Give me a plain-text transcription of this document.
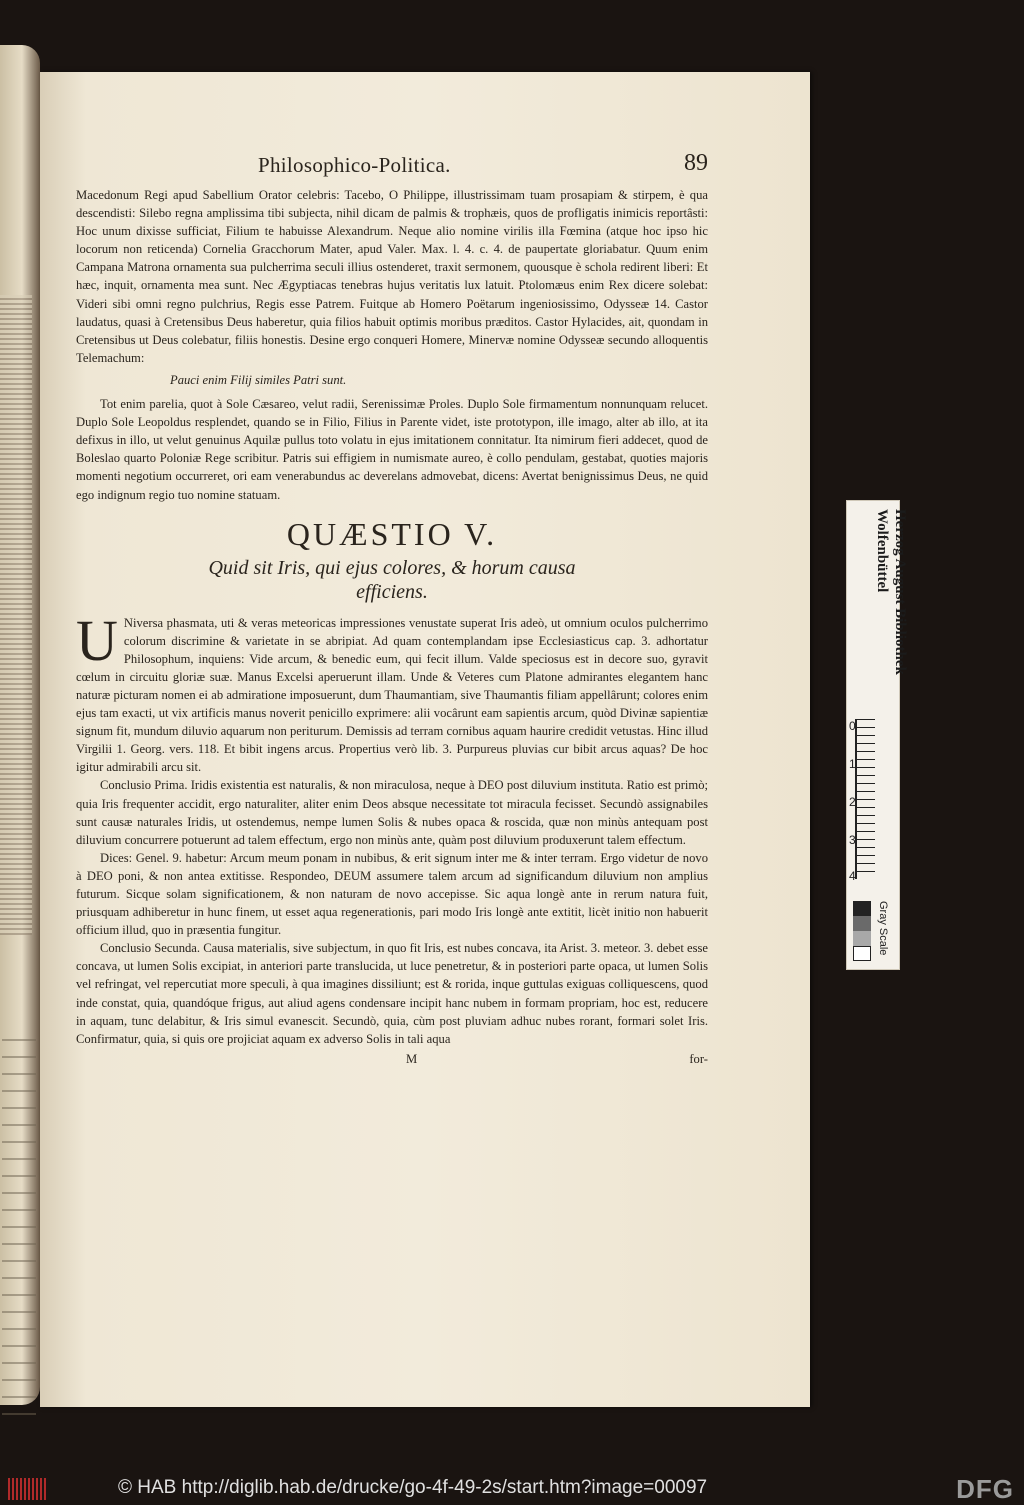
Philosophico-Politica.	89

Macedonum Regi apud Sabellium Orator celebris: Tacebo, O Philippe, illustrissimam tuam prosapiam & stirpem, è qua descendisti: Silebo regna amplissima tibi subjecta, nihil dicam de palmis & trophæis, quos de profligatis inimicis reportâsti: Hoc unum dixisse sufficiat, Filium te habuisse Alexandrum. Neque alio nomine virilis illa Fœmina (atque hoc ipso hic locorum non reticenda) Cornelia Gracchorum Mater, apud Valer. Max. l. 4. c. 4. de paupertate gloriabatur. Quum enim Campana Matrona ornamenta sua pulcherrima seculi illius ostenderet, traxit sermonem, quousque è schola redirent liberi: Et hæc, inquit, ornamenta mea sunt. Nec Ægyptiacas tenebras hujus veritatis lux latuit. Ptolomæus enim Rex dicere solebat: Videri sibi omni regno pulchrius, Regis esse Patrem. Fuitque ab Homero Poëtarum ingeniosissimo, Odysseæ 14. Castor laudatus, quasi à Cretensibus Deus haberetur, quia filios habuit optimis moribus præditos. Castor Hylacides, ait, quondam in Cretensibus ut Deus colebatur, filiis honestis. Desine ergo conqueri Homere, Minervæ nomine Odysseæ secundo alloquentis Telemachum:

Pauci enim Filij similes Patri sunt.

Tot enim parelia, quot à Sole Cæsareo, velut radii, Serenissimæ Proles. Duplo Sole firmamentum nonnunquam relucet. Duplo Sole Leopoldus resplendet, quando se in Filio, Filius in Parente videt, iste prototypon, ille imago, alter ab illo, at ita defixus in illo, ut velut genuinus Aquilæ pullus toto volatu in ejus imitationem connitatur. Ita nimirum fieri addecet, quod de Boleslao quarto Poloniæ Rege scribitur. Patris sui effigiem in numismate aureo, è collo pendulam, gestabat, quoties majoris momenti negotium occurreret, ori eam venerabundus ac deverelans admovebat, dicens: Avertat benignissimus Deus, ne quid ego indignum regio tuo nomine statuam.

QUÆSTIO V.
Quid sit Iris, qui ejus colores, & horum causa efficiens.

U Niversa phasmata, uti & veras meteoricas impressiones venustate superat Iris adeò, ut omnium oculos pulcherrimo colorum discrimine & varietate in se abripiat. Ad quam contemplandam ipse Ecclesiasticus cap. 3. adhortatur Philosophum, inquiens: Vide arcum, & benedic eum, qui fecit illum. Valde speciosus est in decore suo, gyravit cœlum in circuitu gloriæ suæ. Manus Excelsi aperuerunt illam. Unde & Veteres cum Platone admirantes elegantem hanc naturæ picturam nomen ei ab admiratione imposuerunt, dum Thaumantiam, sive Thaumantis filiam appellârunt; colores enim ejus tam exacti, ut vix artificis manus noverit penicillo exprimere: alii vocârunt eam sapientis arcum, quòd Divinæ sapientiæ signum fit, mundum diluvio aquarum non periturum. Demissis ad terram cornibus aquam haurire credidit vetustas. Hinc illud Virgilii 1. Georg. vers. 118. Et bibit ingens arcus. Propertius verò lib. 3. Purpureus pluvias cur bibit arcus aquas? De hoc igitur admirabili arcu sit.

Conclusio Prima. Iridis existentia est naturalis, & non miraculosa, neque à DEO post diluvium instituta. Ratio est primò; quia Iris frequenter accidit, ergo naturaliter, aliter enim Deos absque necessitate tot miracula fecisset. Secundò assignabiles sunt causæ naturales Iridis, ut ostendemus, nempe lumen Solis & nubes opaca & roscida, quæ non minùs antequam post diluvium concurrere potuerunt ad talem effectum, ergo non minùs ante, quàm post diluvium produxerunt talem effectum.

Dices: Genel. 9. habetur: Arcum meum ponam in nubibus, & erit signum inter me & inter terram. Ergo videtur de novo à DEO poni, & non antea extitisse. Respondeo, DEUM assumere talem arcum ad significandum diluvium non amplius futurum. Sicque solam significationem, & non naturam de novo accepisse. Sic aqua longè ante in rerum natura fuit, priusquam adhiberetur in hunc finem, ut esset aqua regenerationis, pari modo Iris longè ante extitit, licèt initio non habuerit officium illud, quo in præsentia fungitur.

Conclusio Secunda. Causa materialis, sive subjectum, in quo fit Iris, est nubes concava, ita Arist. 3. meteor. 3. debet esse concava, ut lumen Solis excipiat, in anteriori parte translucida, ut luce penetretur, & in posteriori parte opaca, ut lumen Solis vel refringat, vel repercutiat more speculi, à qua imagines dissiliunt; est & rorida, inque guttulas exiguas colliquescens, quod inde constat, quia, quandóque frigus, aut aliud agens condensare incipit hanc nubem in formam propriam, hoc est, reducere in aquam, tunc delabitur, & Iris simul evanescit. Secundò, quia, cùm post pluviam adhuc nubes rorant, formari solet Iris. Confirmatur, quia, si quis ore projiciat aquam ex adverso Solis in tali aqua

M	for-
Herzog August Bibliothek
Wolfenbüttel
0
1
2
3
4
Gray Scale
© HAB http://diglib.hab.de/drucke/go-4f-49-2s/start.htm?image=00097	DFG
